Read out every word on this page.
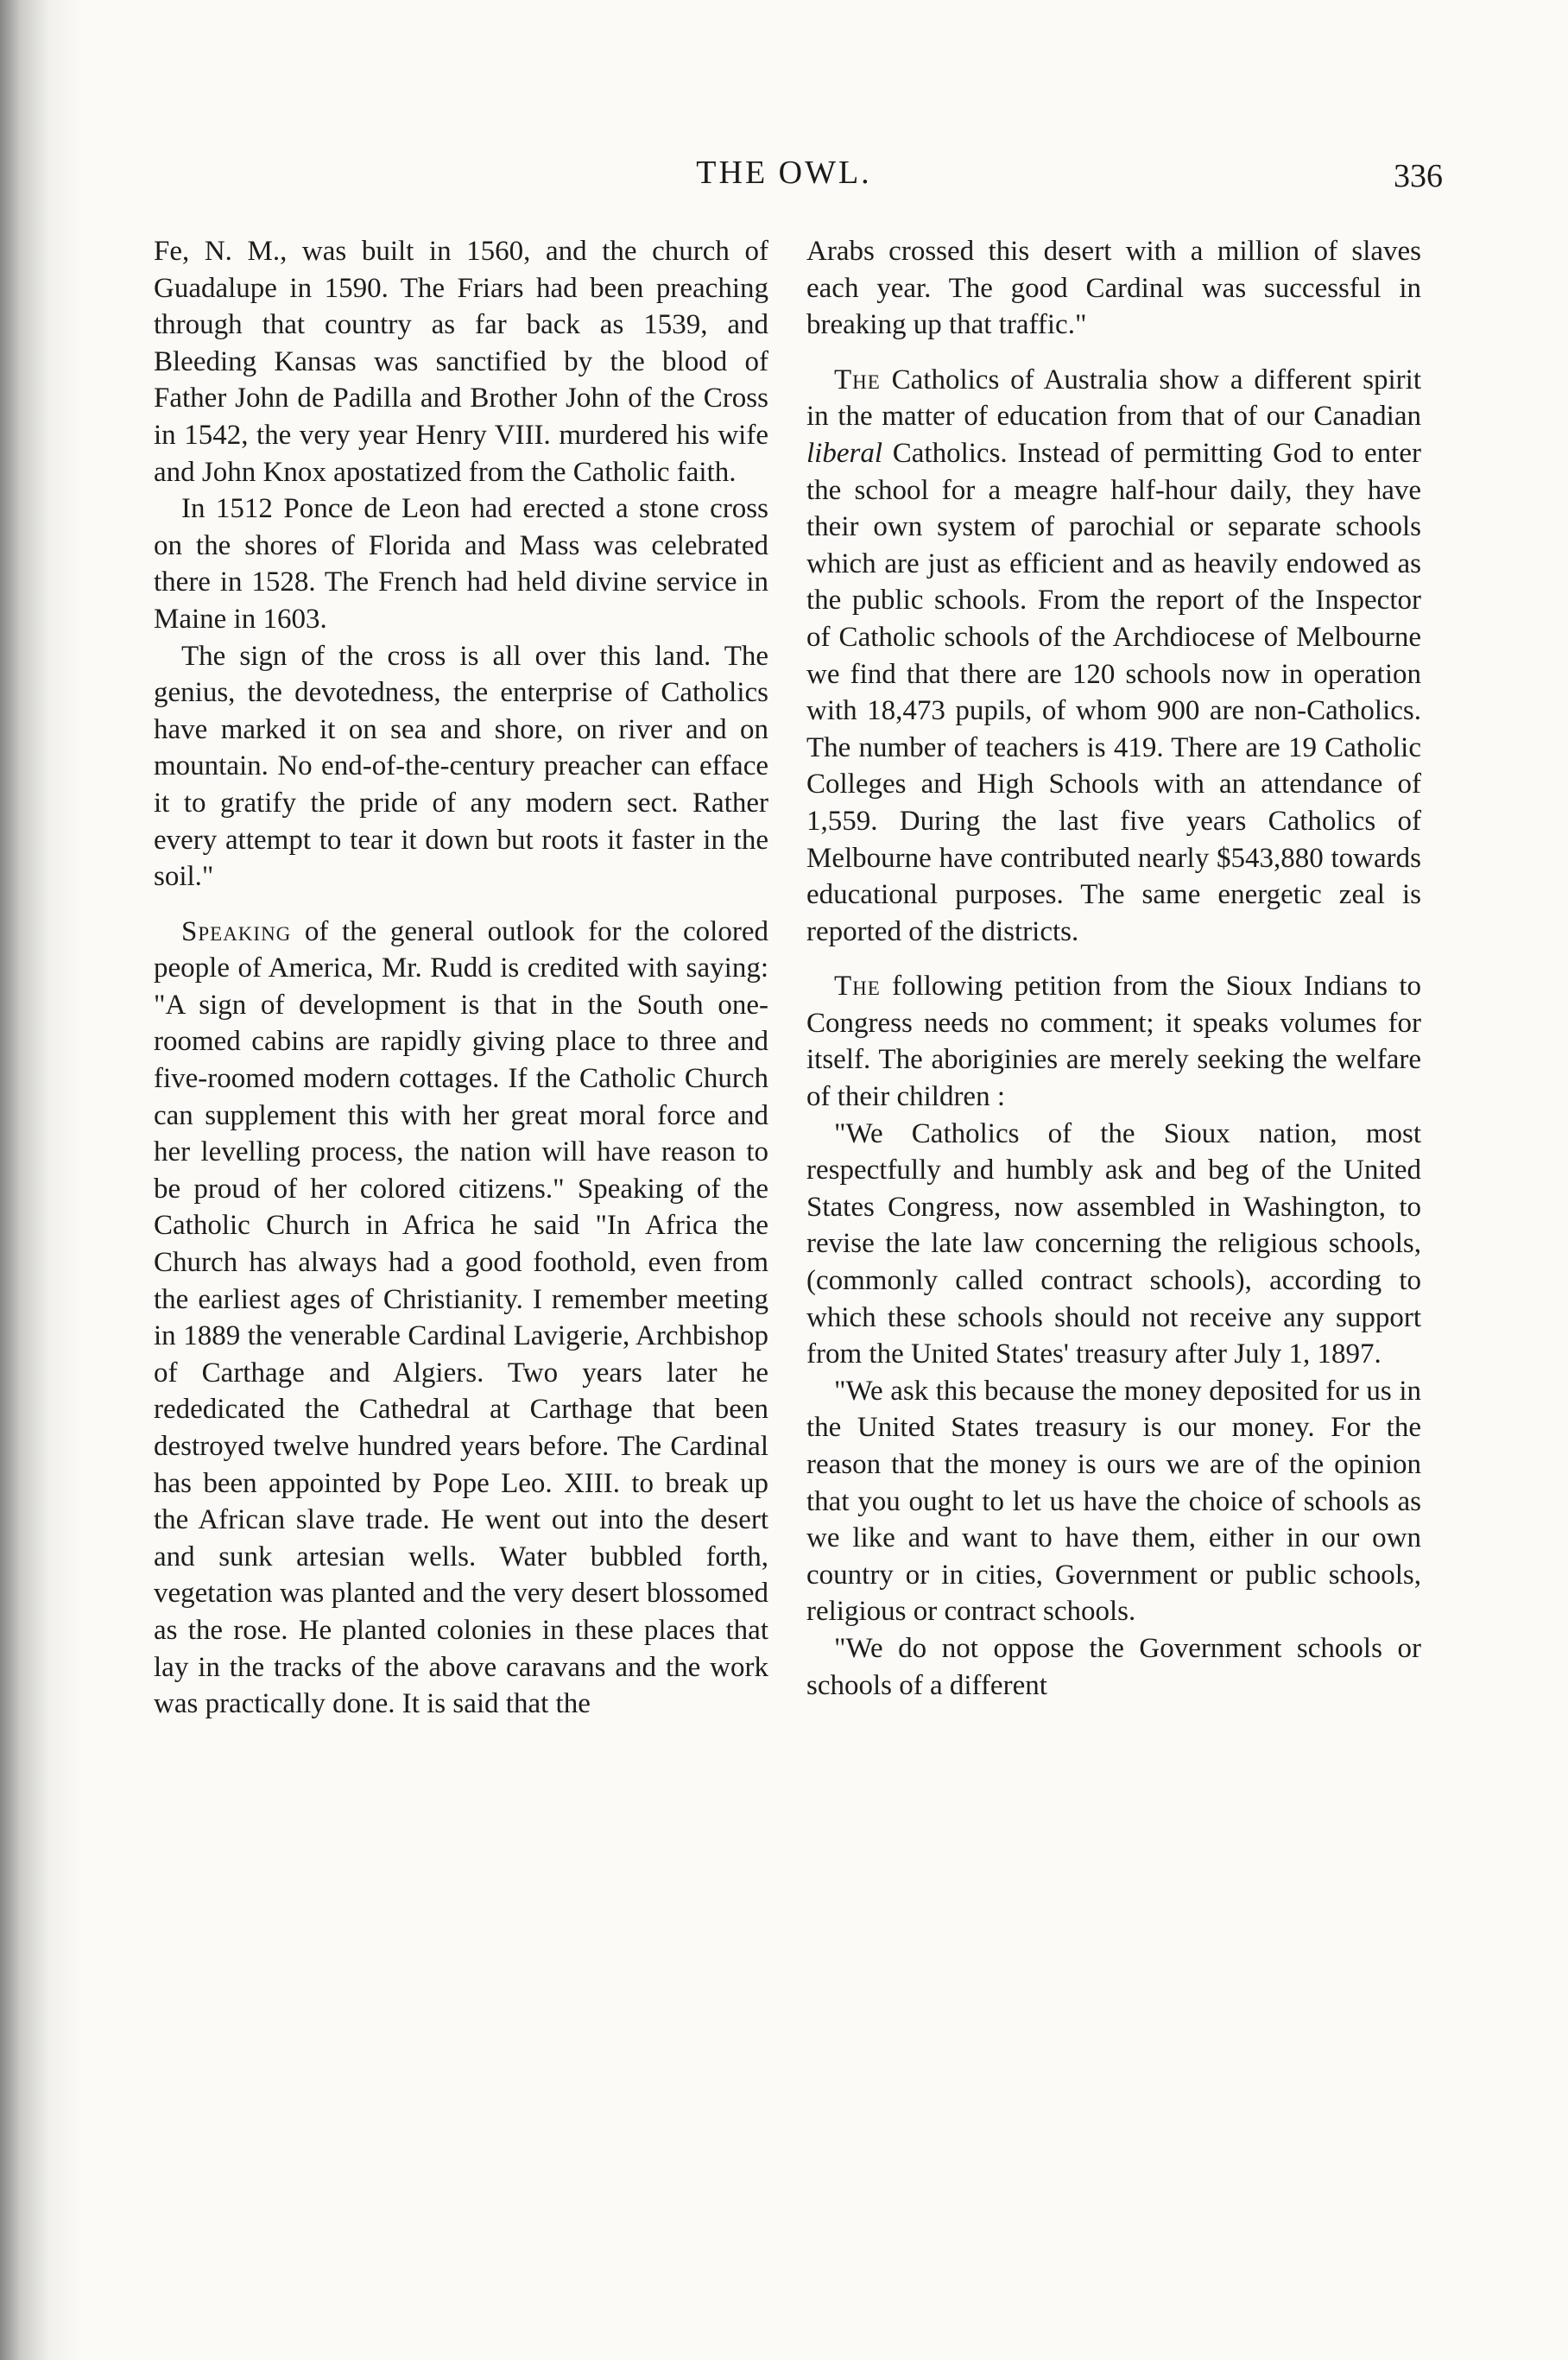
THE OWL.	336

Fe, N. M., was built in 1560, and the church of Guadalupe in 1590. The Friars had been preaching through that country as far back as 1539, and Bleeding Kansas was sanctified by the blood of Father John de Padilla and Brother John of the Cross in 1542, the very year Henry VIII. murdered his wife and John Knox apostatized from the Catholic faith.

In 1512 Ponce de Leon had erected a stone cross on the shores of Florida and Mass was celebrated there in 1528. The French had held divine service in Maine in 1603.

The sign of the cross is all over this land. The genius, the devotedness, the enterprise of Catholics have marked it on sea and shore, on river and on mountain. No end-of-the-century preacher can efface it to gratify the pride of any modern sect. Rather every attempt to tear it down but roots it faster in the soil."

Speaking of the general outlook for the colored people of America, Mr. Rudd is credited with saying: "A sign of development is that in the South one-roomed cabins are rapidly giving place to three and five-roomed modern cottages. If the Catholic Church can supplement this with her great moral force and her levelling process, the nation will have reason to be proud of her colored citizens." Speaking of the Catholic Church in Africa he said "In Africa the Church has always had a good foothold, even from the earliest ages of Christianity. I remember meeting in 1889 the venerable Cardinal Lavigerie, Archbishop of Carthage and Algiers. Two years later he rededicated the Cathedral at Carthage that been destroyed twelve hundred years before. The Cardinal has been appointed by Pope Leo. XIII. to break up the African slave trade. He went out into the desert and sunk artesian wells. Water bubbled forth, vegetation was planted and the very desert blossomed as the rose. He planted colonies in these places that lay in the tracks of the above caravans and the work was practically done. It is said that the

Arabs crossed this desert with a million of slaves each year. The good Cardinal was successful in breaking up that traffic."

The Catholics of Australia show a different spirit in the matter of education from that of our Canadian liberal Catholics. Instead of permitting God to enter the school for a meagre half-hour daily, they have their own system of parochial or separate schools which are just as efficient and as heavily endowed as the public schools. From the report of the Inspector of Catholic schools of the Archdiocese of Melbourne we find that there are 120 schools now in operation with 18,473 pupils, of whom 900 are non-Catholics. The number of teachers is 419. There are 19 Catholic Colleges and High Schools with an attendance of 1,559. During the last five years Catholics of Melbourne have contributed nearly $543,880 towards educational purposes. The same energetic zeal is reported of the districts.

The following petition from the Sioux Indians to Congress needs no comment; it speaks volumes for itself. The aboriginies are merely seeking the welfare of their children :

"We Catholics of the Sioux nation, most respectfully and humbly ask and beg of the United States Congress, now assembled in Washington, to revise the late law concerning the religious schools, (commonly called contract schools), according to which these schools should not receive any support from the United States' treasury after July 1, 1897.

"We ask this because the money deposited for us in the United States treasury is our money. For the reason that the money is ours we are of the opinion that you ought to let us have the choice of schools as we like and want to have them, either in our own country or in cities, Government or public schools, religious or contract schools.

"We do not oppose the Government schools or schools of a different
